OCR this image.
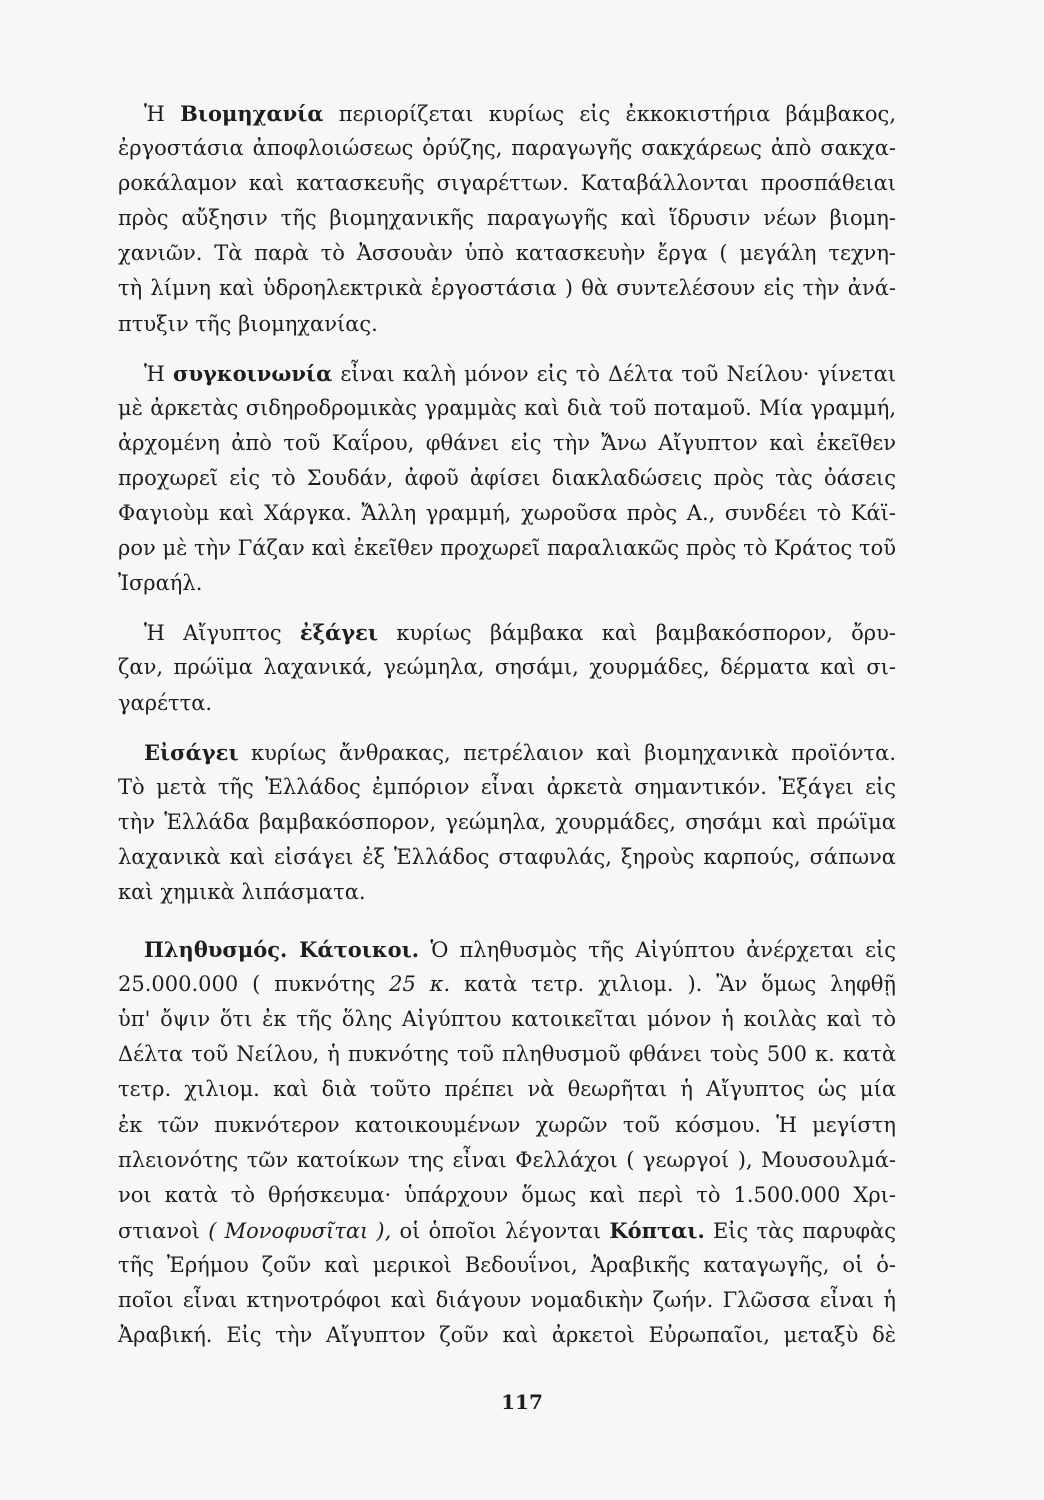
Ἡ Βιομηχανία περιορίζεται κυρίως εἰς ἐκκοκιστήρια βάμβακος,
ἐργοστάσια ἀποφλοιώσεως ὀρύζης, παραγωγῆς σακχάρεως ἀπὸ σακχα-
ροκάλαμον καὶ κατασκευῆς σιγαρέττων. Καταβάλλονται προσπάθειαι
πρὸς αὔξησιν τῆς βιομηχανικῆς παραγωγῆς καὶ ἵδρυσιν νέων βιομη-
χανιῶν. Τὰ παρὰ τὸ Ἀσσουὰν ὑπὸ κατασκευὴν ἔργα ( μεγάλη τεχνη-
τὴ λίμνη καὶ ὑδροηλεκτρικὰ ἐργοστάσια ) θὰ συντελέσουν εἰς τὴν ἀνά-
πτυξιν τῆς βιομηχανίας.
Ἡ συγκοινωνία εἶναι καλὴ μόνον εἰς τὸ Δέλτα τοῦ Νείλου· γίνεται
μὲ ἀρκετὰς σιδηροδρομικὰς γραμμὰς καὶ διὰ τοῦ ποταμοῦ. Μία γραμμή,
ἀρχομένη ἀπὸ τοῦ Καΐρου, φθάνει εἰς τὴν Ἄνω Αἴγυπτον καὶ ἐκεῖθεν
προχωρεῖ εἰς τὸ Σουδάν, ἀφοῦ ἀφίσει διακλαδώσεις πρὸς τὰς ὀάσεις
Φαγιοὺμ καὶ Χάργκα. Ἄλλη γραμμή, χωροῦσα πρὸς Α., συνδέει τὸ Κάϊ-
ρον μὲ τὴν Γάζαν καὶ ἐκεῖθεν προχωρεῖ παραλιακῶς πρὸς τὸ Κράτος τοῦ
Ἰσραήλ.
Ἡ Αἴγυπτος ἐξάγει κυρίως βάμβακα καὶ βαμβακόσπορον, ὄρυ-
ζαν, πρώϊμα λαχανικά, γεώμηλα, σησάμι, χουρμάδες, δέρματα καὶ σι-
γαρέττα.
Εἰσάγει κυρίως ἄνθρακας, πετρέλαιον καὶ βιομηχανικὰ προϊόντα.
Τὸ μετὰ τῆς Ἑλλάδος ἐμπόριον εἶναι ἀρκετὰ σημαντικόν. Ἐξάγει εἰς
τὴν Ἑλλάδα βαμβακόσπορον, γεώμηλα, χουρμάδες, σησάμι καὶ πρώϊμα
λαχανικὰ καὶ εἰσάγει ἐξ Ἑλλάδος σταφυλάς, ξηροὺς καρπούς, σάπωνα
καὶ χημικὰ λιπάσματα.
Πληθυσμός. Κάτοικοι. Ὁ πληθυσμὸς τῆς Αἰγύπτου ἀνέρχεται εἰς
25.000.000 ( πυκνότης 25 κ. κατὰ τετρ. χιλιομ. ). Ἂν ὅμως ληφθῇ
ὑπ' ὄψιν ὅτι ἐκ τῆς ὅλης Αἰγύπτου κατοικεῖται μόνον ἡ κοιλὰς καὶ τὸ
Δέλτα τοῦ Νείλου, ἡ πυκνότης τοῦ πληθυσμοῦ φθάνει τοὺς 500 κ. κατὰ
τετρ. χιλιομ. καὶ διὰ τοῦτο πρέπει νὰ θεωρῆται ἡ Αἴγυπτος ὡς μία
ἐκ τῶν πυκνότερον κατοικουμένων χωρῶν τοῦ κόσμου. Ἡ μεγίστη
πλειονότης τῶν κατοίκων της εἶναι Φελλάχοι ( γεωργοί ), Μουσουλμά-
νοι κατὰ τὸ θρήσκευμα· ὑπάρχουν ὅμως καὶ περὶ τὸ 1.500.000 Χρι-
στιανοὶ ( Μονοφυσῖται ), οἱ ὁποῖοι λέγονται Κόπται. Εἰς τὰς παρυφὰς
τῆς Ἐρήμου ζοῦν καὶ μερικοὶ Βεδουΐνοι, Ἀραβικῆς καταγωγῆς, οἱ ὁ-
ποῖοι εἶναι κτηνοτρόφοι καὶ διάγουν νομαδικὴν ζωήν. Γλῶσσα εἶναι ἡ
Ἀραβική. Εἰς τὴν Αἴγυπτον ζοῦν καὶ ἀρκετοὶ Εὐρωπαῖοι, μεταξὺ δὲ
117
